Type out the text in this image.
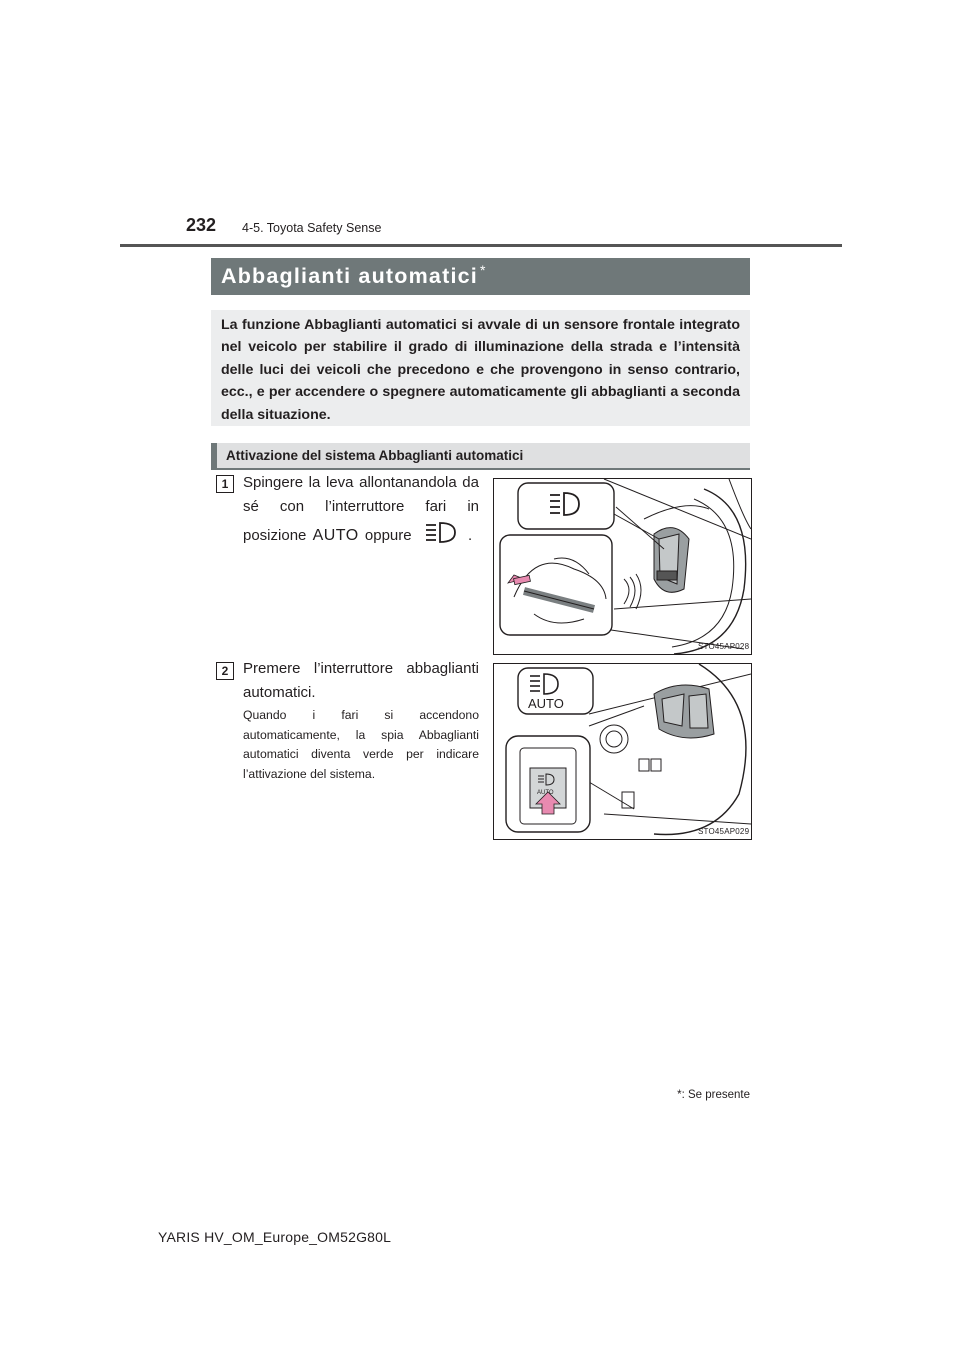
232 4-5. Toyota Safety Sense
Abbaglianti automatici *
La funzione Abbaglianti automatici si avvale di un sensore frontale integrato nel veicolo per stabilire il grado di illuminazione della strada e l’intensità delle luci dei veicoli che precedono e che provengono in senso contrario, ecc., e per accendere o spegnere automaticamente gli abbaglianti a seconda della situazione.
Attivazione del sistema Abbaglianti automatici
1 Spingere la leva allontanandola da sé con l’interruttore fari in
posizione AUTO oppure	.
STO45AP028
2 Premere l’interruttore abbaglianti automatici.
Quando i fari si accendono automaticamente, la spia Abbaglianti automatici diventa verde per indicare l’attivazione del sistema.
AUTO
AUTO
STO45AP029
*: Se presente
YARIS HV_OM_Europe_OM52G80L
